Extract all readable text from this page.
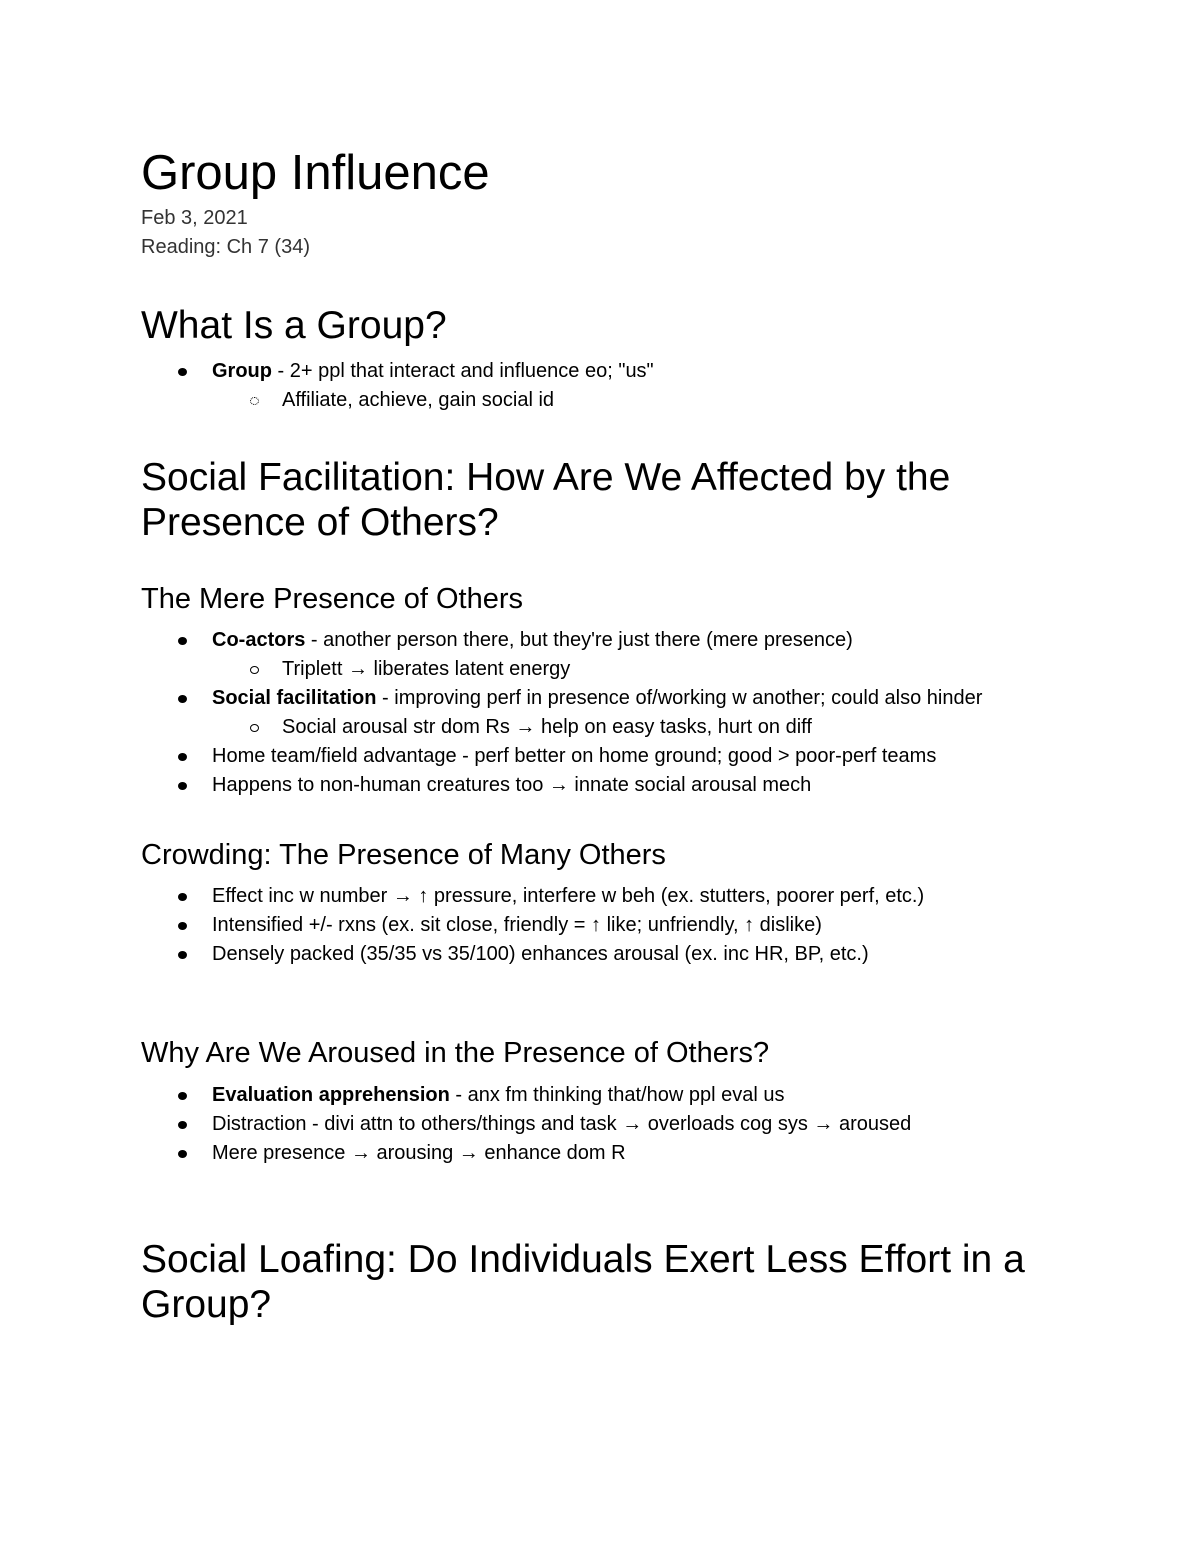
Group Influence

Feb 3, 2021

Reading: Ch 7 (34)

What Is a Group?
Group - 2+ ppl that interact and influence eo; "us"
Affiliate, achieve, gain social id
Social Facilitation: How Are We Affected by the Presence of Others?
The Mere Presence of Others
Co-actors - another person there, but they're just there (mere presence)
Triplett → liberates latent energy
Social facilitation - improving perf in presence of/working w another; could also hinder
Social arousal str dom Rs → help on easy tasks, hurt on diff
Home team/field advantage - perf better on home ground; good > poor-perf teams
Happens to non-human creatures too → innate social arousal mech
Crowding: The Presence of Many Others
Effect inc w number → ↑ pressure, interfere w beh (ex. stutters, poorer perf, etc.)
Intensified +/- rxns (ex. sit close, friendly = ↑ like; unfriendly, ↑ dislike)
Densely packed (35/35 vs 35/100) enhances arousal (ex. inc HR, BP, etc.)
Why Are We Aroused in the Presence of Others?
Evaluation apprehension - anx fm thinking that/how ppl eval us
Distraction - divi attn to others/things and task → overloads cog sys → aroused
Mere presence → arousing → enhance dom R
Social Loafing: Do Individuals Exert Less Effort in a Group?
